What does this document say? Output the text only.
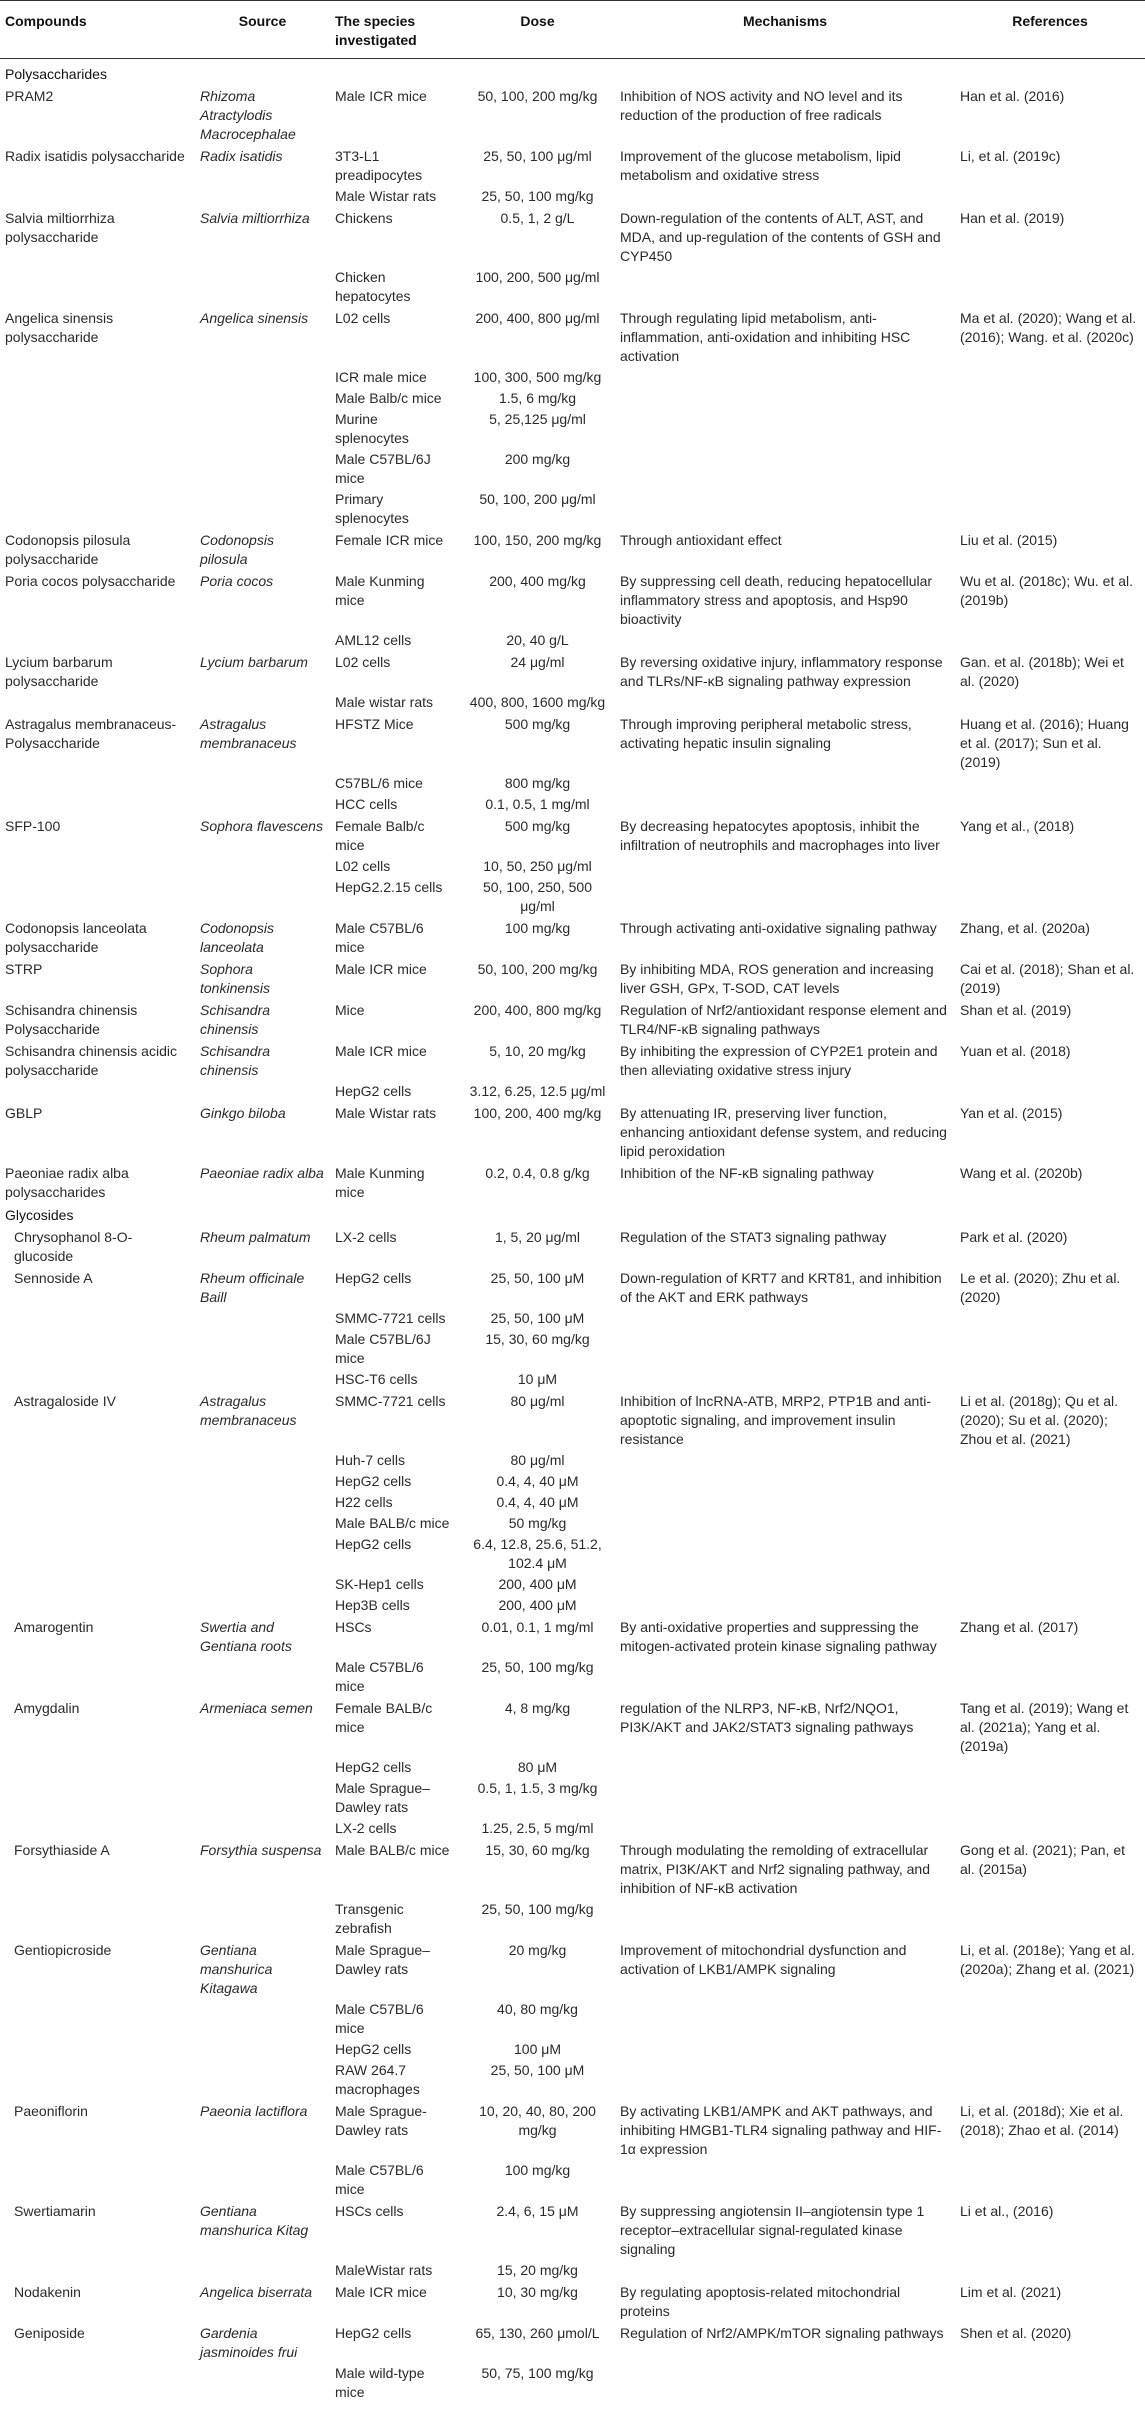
Compounds	Source	The species investigated	Dose	Mechanisms	References
Polysaccharides					
PRAM2	Rhizoma Atractylodis Macrocephalae	Male ICR mice	50, 100, 200 mg/kg	Inhibition of NOS activity and NO level and its reduction of the production of free radicals	Han et al. (2016)
Radix isatidis polysaccharide	Radix isatidis	3T3-L1 preadipocytes	25, 50, 100 μg/ml	Improvement of the glucose metabolism, lipid metabolism and oxidative stress	Li, et al. (2019c)
		Male Wistar rats	25, 50, 100 mg/kg		
Salvia miltiorrhiza polysaccharide	Salvia miltiorrhiza	Chickens	0.5, 1, 2 g/L	Down-regulation of the contents of ALT, AST, and MDA, and up-regulation of the contents of GSH and CYP450	Han et al. (2019)
		Chicken hepatocytes	100, 200, 500 μg/ml		
Angelica sinensis polysaccharide	Angelica sinensis	L02 cells	200, 400, 800 μg/ml	Through regulating lipid metabolism, anti-inflammation, anti-oxidation and inhibiting HSC activation	Ma et al. (2020); Wang et al. (2016); Wang. et al. (2020c)
		ICR male mice	100, 300, 500 mg/kg		
		Male Balb/c mice	1.5, 6 mg/kg		
		Murine splenocytes	5, 25,125 μg/ml		
		Male C57BL/6J mice	200 mg/kg		
		Primary splenocytes	50, 100, 200 μg/ml		
Codonopsis pilosula polysaccharide	Codonopsis pilosula	Female ICR mice	100, 150, 200 mg/kg	Through antioxidant effect	Liu et al. (2015)
Poria cocos polysaccharide	Poria cocos	Male Kunming mice	200, 400 mg/kg	By suppressing cell death, reducing hepatocellular inflammatory stress and apoptosis, and Hsp90 bioactivity	Wu et al. (2018c); Wu. et al. (2019b)
		AML12 cells	20, 40 g/L		
Lycium barbarum polysaccharide	Lycium barbarum	L02 cells	24 μg/ml	By reversing oxidative injury, inflammatory response and TLRs/NF-κB signaling pathway expression	Gan. et al. (2018b); Wei et al. (2020)
		Male wistar rats	400, 800, 1600 mg/kg		
Astragalus membranaceus-Polysaccharide	Astragalus membranaceus	HFSTZ Mice	500 mg/kg	Through improving peripheral metabolic stress, activating hepatic insulin signaling	Huang et al. (2016); Huang et al. (2017); Sun et al. (2019)
		C57BL/6 mice	800 mg/kg		
		HCC cells	0.1, 0.5, 1 mg/ml		
SFP-100	Sophora flavescens	Female Balb/c mice	500 mg/kg	By decreasing hepatocytes apoptosis, inhibit the infiltration of neutrophils and macrophages into liver	Yang et al., (2018)
		L02 cells	10, 50, 250 μg/ml		
		HepG2.2.15 cells	50, 100, 250, 500 μg/ml		
Codonopsis lanceolata polysaccharide	Codonopsis lanceolata	Male C57BL/6 mice	100 mg/kg	Through activating anti-oxidative signaling pathway	Zhang, et al. (2020a)
STRP	Sophora tonkinensis	Male ICR mice	50, 100, 200 mg/kg	By inhibiting MDA, ROS generation and increasing liver GSH, GPx, T-SOD, CAT levels	Cai et al. (2018); Shan et al. (2019)
Schisandra chinensis Polysaccharide	Schisandra chinensis	Mice	200, 400, 800 mg/kg	Regulation of Nrf2/antioxidant response element and TLR4/NF-κB signaling pathways	Shan et al. (2019)
Schisandra chinensis acidic polysaccharide	Schisandra chinensis	Male ICR mice	5, 10, 20 mg/kg	By inhibiting the expression of CYP2E1 protein and then alleviating oxidative stress injury	Yuan et al. (2018)
		HepG2 cells	3.12, 6.25, 12.5 μg/ml		
GBLP	Ginkgo biloba	Male Wistar rats	100, 200, 400 mg/kg	By attenuating IR, preserving liver function, enhancing antioxidant defense system, and reducing lipid peroxidation	Yan et al. (2015)
Paeoniae radix alba polysaccharides	Paeoniae radix alba	Male Kunming mice	0.2, 0.4, 0.8 g/kg	Inhibition of the NF-κB signaling pathway	Wang et al. (2020b)
Glycosides					
Chrysophanol 8-O-glucoside	Rheum palmatum	LX-2 cells	1, 5, 20 μg/ml	Regulation of the STAT3 signaling pathway	Park et al. (2020)
Sennoside A	Rheum officinale Baill	HepG2 cells	25, 50, 100 μM	Down-regulation of KRT7 and KRT81, and inhibition of the AKT and ERK pathways	Le et al. (2020); Zhu et al. (2020)
		SMMC-7721 cells	25, 50, 100 μM		
		Male C57BL/6J mice	15, 30, 60 mg/kg		
		HSC-T6 cells	10 μM		
Astragaloside IV	Astragalus membranaceus	SMMC-7721 cells	80 μg/ml	Inhibition of lncRNA-ATB, MRP2, PTP1B and anti-apoptotic signaling, and improvement insulin resistance	Li et al. (2018g); Qu et al. (2020); Su et al. (2020); Zhou et al. (2021)
		Huh-7 cells	80 μg/ml		
		HepG2 cells	0.4, 4, 40 μM		
		H22 cells	0.4, 4, 40 μM		
		Male BALB/c mice	50 mg/kg		
		HepG2 cells	6.4, 12.8, 25.6, 51.2, 102.4 μM		
		SK-Hep1 cells	200, 400 μM		
		Hep3B cells	200, 400 μM		
Amarogentin	Swertia and Gentiana roots	HSCs	0.01, 0.1, 1 mg/ml	By anti-oxidative properties and suppressing the mitogen-activated protein kinase signaling pathway	Zhang et al. (2017)
		Male C57BL/6 mice	25, 50, 100 mg/kg		
Amygdalin	Armeniaca semen	Female BALB/c mice	4, 8 mg/kg	regulation of the NLRP3, NF-κB, Nrf2/NQO1, PI3K/AKT and JAK2/STAT3 signaling pathways	Tang et al. (2019); Wang et al. (2021a); Yang et al. (2019a)
		HepG2 cells	80 μM		
		Male Sprague–Dawley rats	0.5, 1, 1.5, 3 mg/kg		
		LX-2 cells	1.25, 2.5, 5 mg/ml		
Forsythiaside A	Forsythia suspensa	Male BALB/c mice	15, 30, 60 mg/kg	Through modulating the remolding of extracellular matrix, PI3K/AKT and Nrf2 signaling pathway, and inhibition of NF-κB activation	Gong et al. (2021); Pan, et al. (2015a)
		Transgenic zebrafish	25, 50, 100 mg/kg		
Gentiopicroside	Gentiana manshurica Kitagawa	Male Sprague–Dawley rats	20 mg/kg	Improvement of mitochondrial dysfunction and activation of LKB1/AMPK signaling	Li, et al. (2018e); Yang et al. (2020a); Zhang et al. (2021)
		Male C57BL/6 mice	40, 80 mg/kg		
		HepG2 cells	100 μM		
		RAW 264.7 macrophages	25, 50, 100 μM		
Paeoniflorin	Paeonia lactiflora	Male Sprague-Dawley rats	10, 20, 40, 80, 200 mg/kg	By activating LKB1/AMPK and AKT pathways, and inhibiting HMGB1-TLR4 signaling pathway and HIF-1α expression	Li, et al. (2018d); Xie et al. (2018); Zhao et al. (2014)
		Male C57BL/6 mice	100 mg/kg		
Swertiamarin	Gentiana manshurica Kitag	HSCs cells	2.4, 6, 15 μM	By suppressing angiotensin II–angiotensin type 1 receptor–extracellular signal-regulated kinase signaling	Li et al., (2016)
		MaleWistar rats	15, 20 mg/kg		
Nodakenin	Angelica biserrata	Male ICR mice	10, 30 mg/kg	By regulating apoptosis-related mitochondrial proteins	Lim et al. (2021)
Geniposide	Gardenia jasminoides frui	HepG2 cells	65, 130, 260 μmol/L	Regulation of Nrf2/AMPK/mTOR signaling pathways	Shen et al. (2020)
		Male wild-type mice	50, 75, 100 mg/kg		
